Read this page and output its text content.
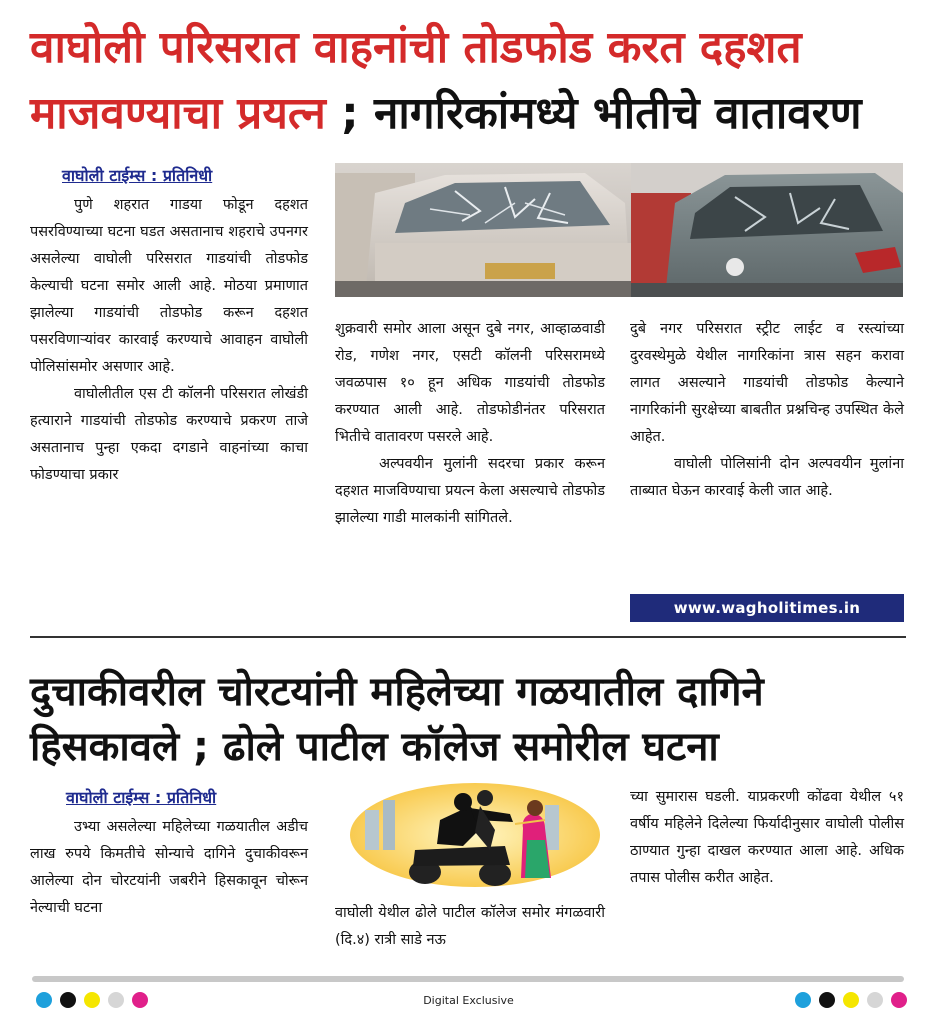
वाघोली परिसरात वाहनांची तोडफोड करत दहशत
माजवण्याचा प्रयत्न ; नागरिकांमध्ये भीतीचे वातावरण
वाघोली टाईम्स : प्रतिनिधी

पुणे शहरात गाडया फोडून दहशत पसरविण्याच्या घटना घडत असतानाच शहराचे उपनगर असलेल्या वाघोली परिसरात गाडयांची तोडफोड केल्याची घटना समोर आली आहे. मोठया प्रमाणात झालेल्या गाडयांची तोडफोड करून दहशत पसरविणाऱ्यांवर कारवाई करण्याचे आवाहन वाघोली पोलिसांसमोर असणार आहे.

वाघोलीतील एस टी कॉलनी परिसरात लोखंडी हत्याराने गाडयांची तोडफोड करण्याचे प्रकरण ताजे असतानाच पुन्हा एकदा दगडाने वाहनांच्या काचा फोडण्याचा प्रकार

शुक्रवारी समोर आला असून दुबे नगर, आव्हाळवाडी रोड, गणेश नगर, एसटी कॉलनी परिसरामध्ये जवळपास १० हून अधिक गाडयांची तोडफोड करण्यात आली आहे. तोडफोडीनंतर परिसरात भितीचे वातावरण पसरले आहे.

अल्पवयीन मुलांनी सदरचा प्रकार करून दहशत माजविण्याचा प्रयत्न केला असल्याचे तोडफोड झालेल्या गाडी मालकांनी सांगितले.

दुबे नगर परिसरात स्ट्रीट लाईट व रस्त्यांच्या दुरवस्थेमुळे येथील नागरिकांना त्रास सहन करावा लागत असल्याने गाडयांची तोडफोड केल्याने नागरिकांनी सुरक्षेच्या बाबतीत प्रश्नचिन्ह उपस्थित केले आहेत.

वाघोली पोलिसांनी दोन अल्पवयीन मुलांना ताब्यात घेऊन कारवाई केली जात आहे.

www.wagholitimes.in
दुचाकीवरील चोरटयांनी महिलेच्या गळयातील दागिने
हिसकावले ; ढोले पाटील कॉलेज समोरील घटना
वाघोली टाईम्स : प्रतिनिधी

उभ्या असलेल्या महिलेच्या गळयातील अडीच लाख रुपये किमतीचे सोन्याचे दागिने दुचाकीवरून आलेल्या दोन चोरटयांनी जबरीने हिसकावून चोरून नेल्याची घटना	वाघोली येथील ढोले पाटील कॉलेज समोर मंगळवारी (दि.४) रात्री साडे नऊ

च्या सुमारास घडली. याप्रकरणी कोंढवा येथील ५१ वर्षीय महिलेने दिलेल्या फिर्यादीनुसार वाघोली पोलीस ठाण्यात गुन्हा दाखल करण्यात आला आहे. अधिक तपास पोलीस करीत आहेत.

Digital Exclusive
